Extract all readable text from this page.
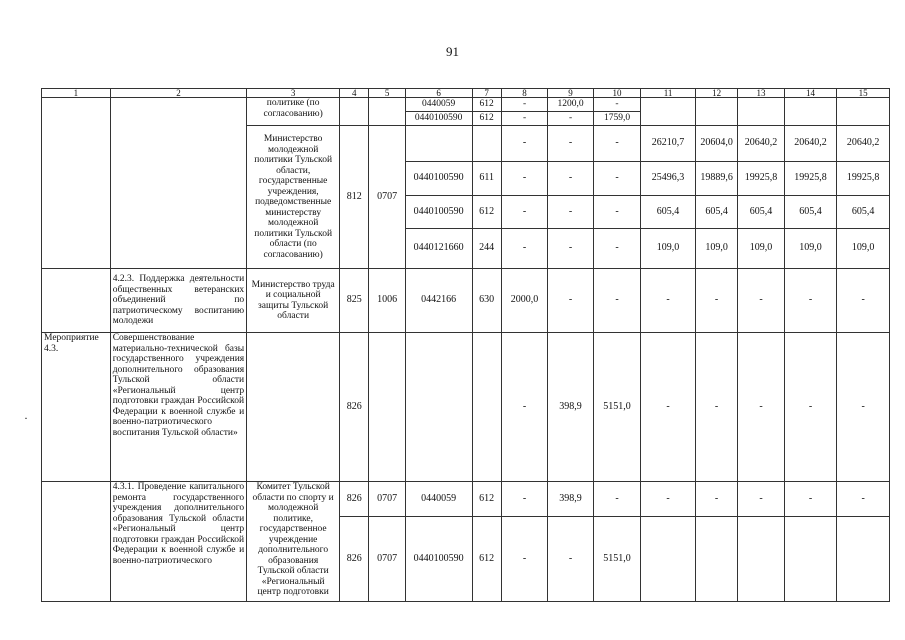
91
·
1	2	3	4	5	6	7	8	9	10	11	12	13	14	15
		политике (по согласованию)			0440059	612	-	1200,0	-					
					0440100590	612	-	-	1759,0					
		Министерство молодежной политики Тульской области, государственные учреждения, подведомственные министерству молодежной политики Тульской области (по согласованию)	812	0707			-	-	-	26210,7	20604,0	20640,2	20640,2	20640,2
					0440100590	611	-	-	-	25496,3	19889,6	19925,8	19925,8	19925,8
					0440100590	612	-	-	-	605,4	605,4	605,4	605,4	605,4
					0440121660	244	-	-	-	109,0	109,0	109,0	109,0	109,0
	4.2.3. Поддержка деятельности общественных ветеранских объединений по патриотическому воспитанию молодежи	Министерство труда и социальной защиты Тульской области	825	1006	0442166	630	2000,0	-	-	-	-	-	-	-
Мероприятие 4.3.	Совершенствование материально-технической базы государственного учреждения дополнительного образования Тульской области «Региональный центр подготовки граждан Российской Федерации к военной службе и военно-патриотического воспитания Тульской области»		826				-	398,9	5151,0	-	-	-	-	-
	4.3.1. Проведение капитального ремонта государственного учреждения дополнительного образования Тульской области «Региональный центр подготовки граждан Российской Федерации к военной службе и военно-патриотического	Комитет Тульской области по спорту и молодежной политике, государственное учреждение дополнительного образования Тульской области «Региональный центр подготовки	826	0707	0440059	612	-	398,9	-	-	-	-	-	-
			826	0707	0440100590	612	-	-	5151,0					
